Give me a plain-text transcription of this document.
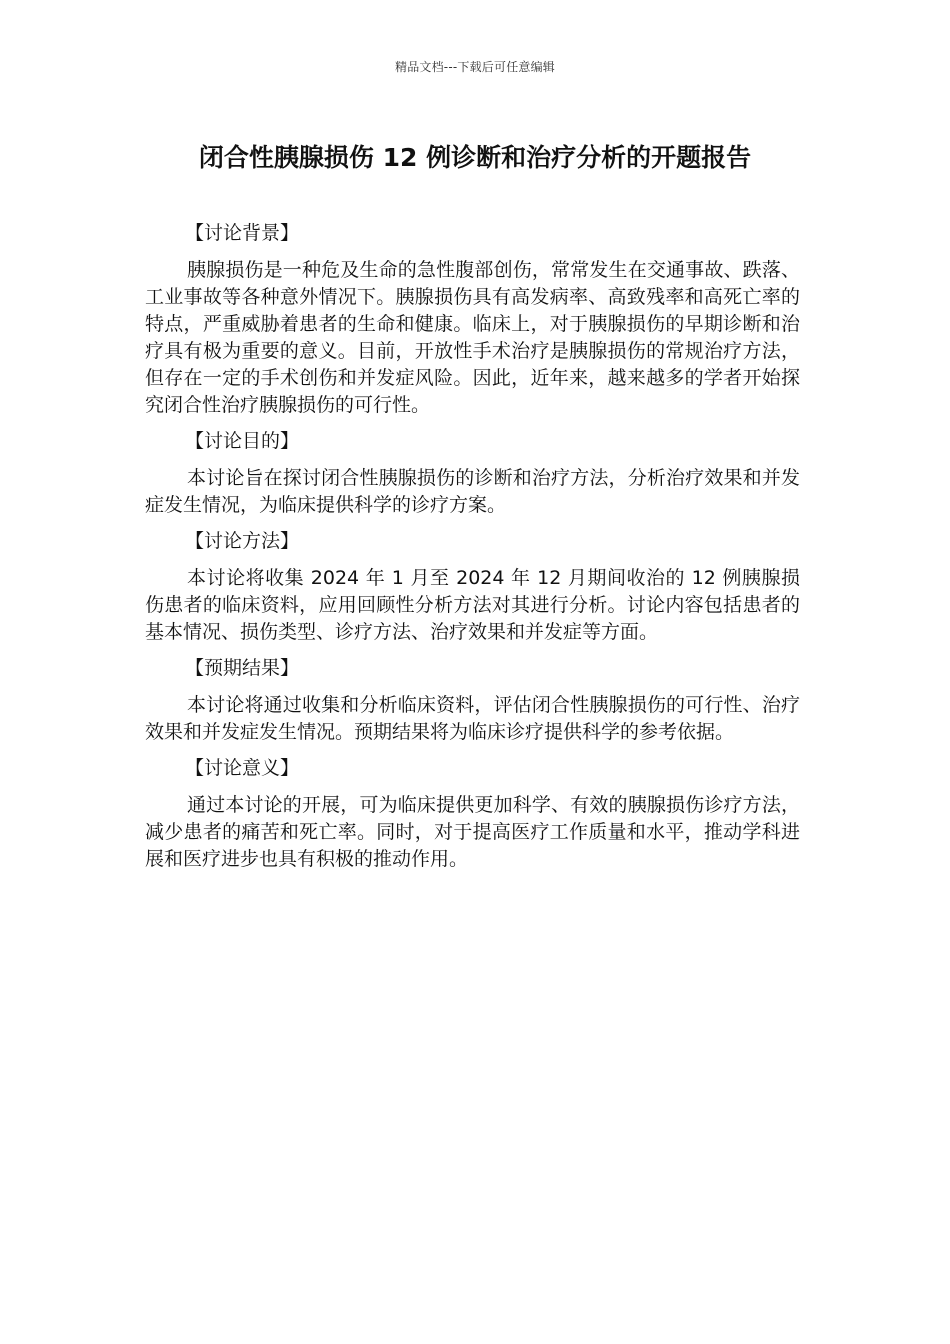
精品文档---下载后可任意编辑
闭合性胰腺损伤 12 例诊断和治疗分析的开题报告
【讨论背景】

胰腺损伤是一种危及生命的急性腹部创伤，常常发生在交通事故、跌落、工业事故等各种意外情况下。胰腺损伤具有高发病率、高致残率和高死亡率的特点，严重威胁着患者的生命和健康。临床上，对于胰腺损伤的早期诊断和治疗具有极为重要的意义。目前，开放性手术治疗是胰腺损伤的常规治疗方法，但存在一定的手术创伤和并发症风险。因此，近年来，越来越多的学者开始探究闭合性治疗胰腺损伤的可行性。

【讨论目的】

本讨论旨在探讨闭合性胰腺损伤的诊断和治疗方法，分析治疗效果和并发症发生情况，为临床提供科学的诊疗方案。

【讨论方法】

本讨论将收集 2024 年 1 月至 2024 年 12 月期间收治的 12 例胰腺损伤患者的临床资料，应用回顾性分析方法对其进行分析。讨论内容包括患者的基本情况、损伤类型、诊疗方法、治疗效果和并发症等方面。

【预期结果】

本讨论将通过收集和分析临床资料，评估闭合性胰腺损伤的可行性、治疗效果和并发症发生情况。预期结果将为临床诊疗提供科学的参考依据。

【讨论意义】

通过本讨论的开展，可为临床提供更加科学、有效的胰腺损伤诊疗方法，减少患者的痛苦和死亡率。同时，对于提高医疗工作质量和水平，推动学科进展和医疗进步也具有积极的推动作用。
